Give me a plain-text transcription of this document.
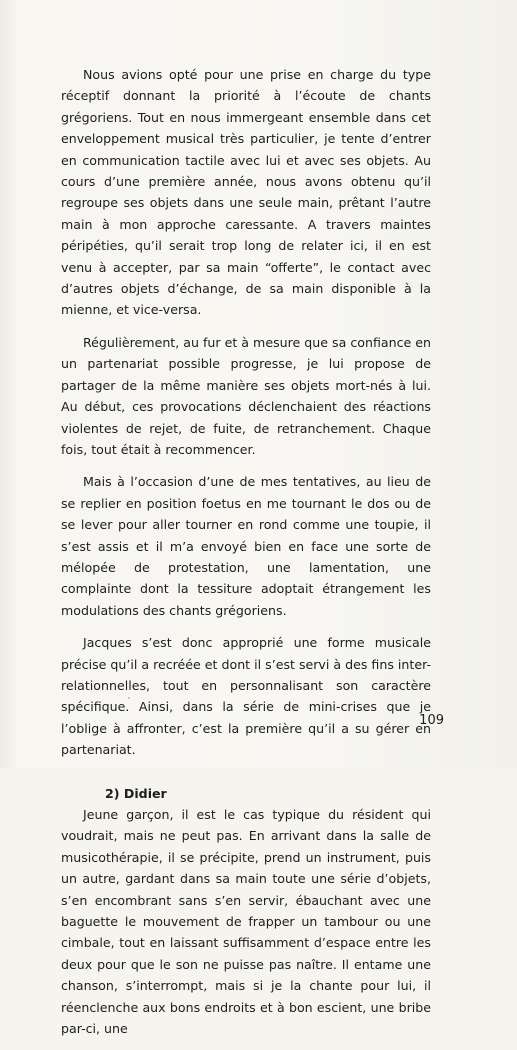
Nous avions opté pour une prise en charge du type réceptif donnant la priorité à l’écoute de chants grégoriens. Tout en nous immergeant ensemble dans cet enveloppement musical très particulier, je tente d’entrer en communication tactile avec lui et avec ses objets. Au cours d’une première année, nous avons obtenu qu’il regroupe ses objets dans une seule main, prêtant l’autre main à mon approche caressante. A travers maintes péripéties, qu’il serait trop long de relater ici, il en est venu à accepter, par sa main “offerte”, le contact avec d’autres objets d’échange, de sa main disponible à la mienne, et vice-versa.

Régulièrement, au fur et à mesure que sa confiance en un partenariat possible progresse, je lui propose de partager de la même manière ses objets mort-nés à lui. Au début, ces provocations déclenchaient des réactions violentes de rejet, de fuite, de retranchement. Chaque fois, tout était à recommencer.

Mais à l’occasion d’une de mes tentatives, au lieu de se replier en position foetus en me tournant le dos ou de se lever pour aller tourner en rond comme une toupie, il s’est assis et il m’a envoyé bien en face une sorte de mélopée de protestation, une lamentation, une complainte dont la tessiture adoptait étrangement les modulations des chants grégoriens.

Jacques s’est donc approprié une forme musicale précise qu’il a recréée et dont il s’est servi à des fins inter-relationnelles, tout en personnalisant son caractère spécifique. Ainsi, dans la série de mini-crises que je l’oblige à affronter, c’est la première qu’il a su gérer en partenariat.

2) Didier

Jeune garçon, il est le cas typique du résident qui voudrait, mais ne peut pas. En arrivant dans la salle de musicothérapie, il se précipite, prend un instrument, puis un autre, gardant dans sa main toute une série d’objets, s’en encombrant sans s’en servir, ébauchant avec une baguette le mouvement de frapper un tambour ou une cimbale, tout en laissant suffisamment d’espace entre les deux pour que le son ne puisse pas naître. Il entame une chanson, s’interrompt, mais si je la chante pour lui, il réenclenche aux bons endroits et à bon escient, une bribe par-ci, une

109
